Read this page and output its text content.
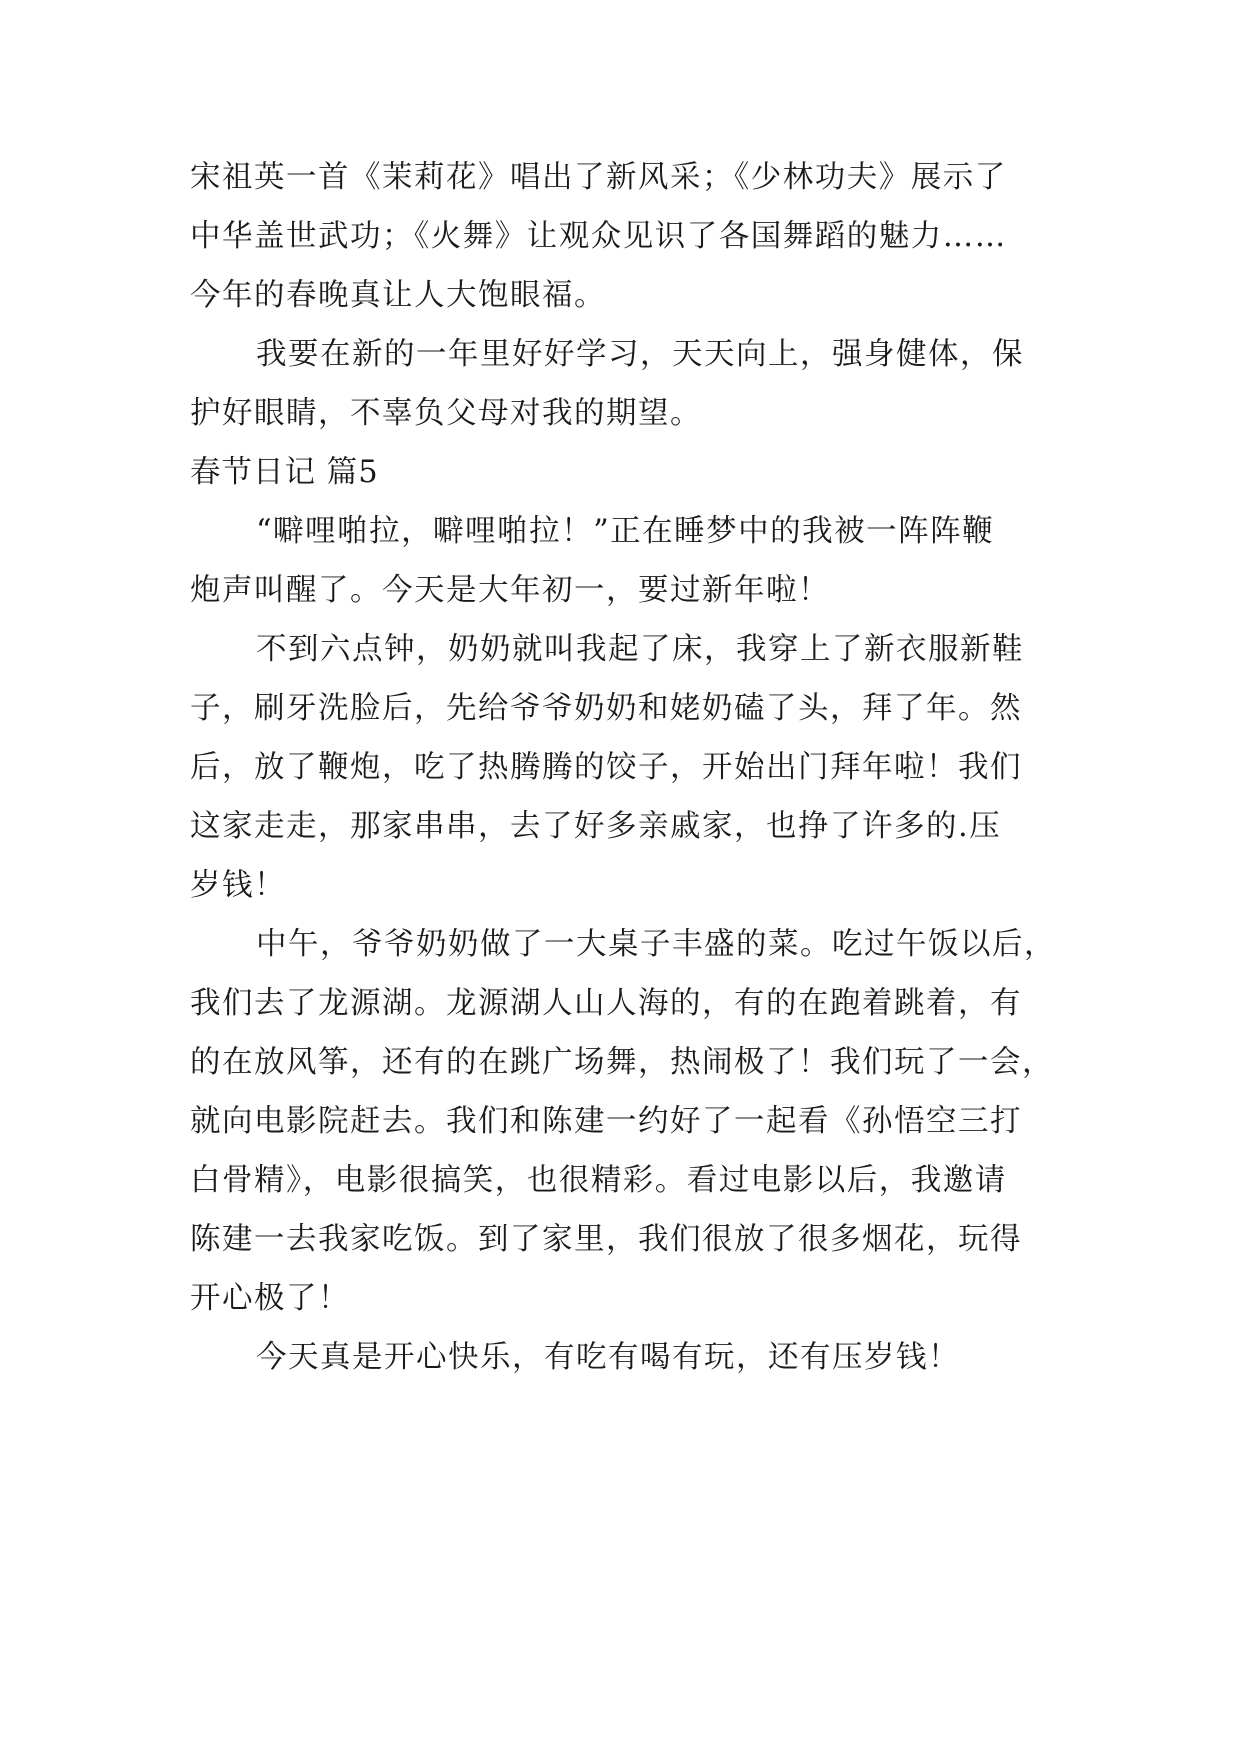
宋祖英一首《茉莉花》唱出了新风采；《少林功夫》展示了
中华盖世武功；《火舞》让观众见识了各国舞蹈的魅力……
今年的春晚真让人大饱眼福。
我要在新的一年里好好学习，天天向上，强身健体，保
护好眼睛，不辜负父母对我的期望。
春节日记 篇5
“噼哩啪拉，噼哩啪拉！”正在睡梦中的我被一阵阵鞭
炮声叫醒了。今天是大年初一，要过新年啦！
不到六点钟，奶奶就叫我起了床，我穿上了新衣服新鞋
子，刷牙洗脸后，先给爷爷奶奶和姥奶磕了头，拜了年。然
后，放了鞭炮，吃了热腾腾的饺子，开始出门拜年啦！我们
这家走走，那家串串，去了好多亲戚家，也挣了许多的.压
岁钱！
中午，爷爷奶奶做了一大桌子丰盛的菜。吃过午饭以后，
我们去了龙源湖。龙源湖人山人海的，有的在跑着跳着，有
的在放风筝，还有的在跳广场舞，热闹极了！我们玩了一会，
就向电影院赶去。我们和陈建一约好了一起看《孙悟空三打
白骨精》，电影很搞笑，也很精彩。看过电影以后，我邀请
陈建一去我家吃饭。到了家里，我们很放了很多烟花，玩得
开心极了！
今天真是开心快乐，有吃有喝有玩，还有压岁钱！
